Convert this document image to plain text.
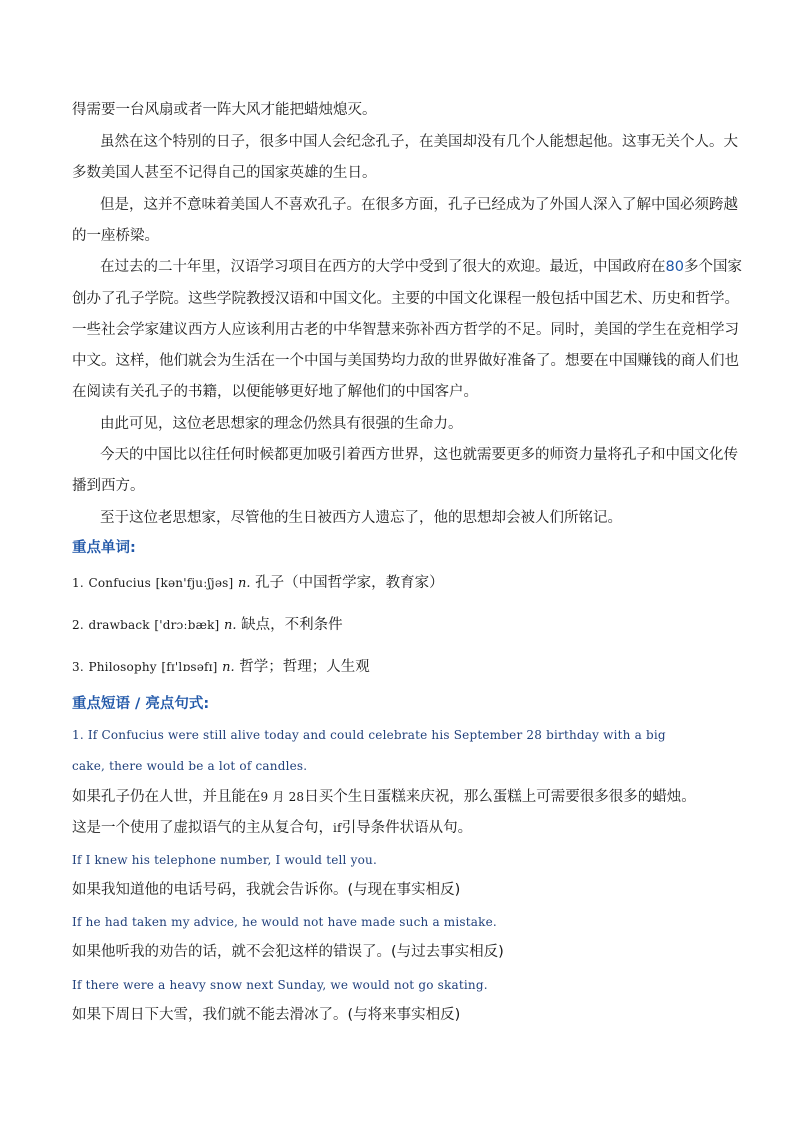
得需要一台风扇或者一阵大风才能把蜡烛熄灭。
虽然在这个特别的日子，很多中国人会纪念孔子，在美国却没有几个人能想起他。这事无关个人。大
多数美国人甚至不记得自己的国家英雄的生日。
但是，这并不意味着美国人不喜欢孔子。在很多方面，孔子已经成为了外国人深入了解中国必须跨越
的一座桥梁。
在过去的二十年里，汉语学习项目在西方的大学中受到了很大的欢迎。最近，中国政府在80多个国家
创办了孔子学院。这些学院教授汉语和中国文化。主要的中国文化课程一般包括中国艺术、历史和哲学。
一些社会学家建议西方人应该利用古老的中华智慧来弥补西方哲学的不足。同时，美国的学生在竞相学习
中文。这样，他们就会为生活在一个中国与美国势均力敌的世界做好准备了。想要在中国赚钱的商人们也
在阅读有关孔子的书籍，以便能够更好地了解他们的中国客户。
由此可见，这位老思想家的理念仍然具有很强的生命力。
今天的中国比以往任何时候都更加吸引着西方世界，这也就需要更多的师资力量将孔子和中国文化传
播到西方。
至于这位老思想家，尽管他的生日被西方人遗忘了，他的思想却会被人们所铭记。
重点单词:
1. Confucius [kən'fjuːʃjəs] n. 孔子（中国哲学家，教育家）
2. drawback ['drɔːbæk] n. 缺点，不利条件
3. Philosophy [fɪ'lɒsəfɪ] n. 哲学；哲理；人生观
重点短语 / 亮点句式:
1. If Confucius were still alive today and could celebrate his September 28 birthday with a big
cake, there would be a lot of candles.
如果孔子仍在人世，并且能在9 月 28日买个生日蛋糕来庆祝，那么蛋糕上可需要很多很多的蜡烛。
这是一个使用了虚拟语气的主从复合句，if引导条件状语从句。
If I knew his telephone number, I would tell you.
如果我知道他的电话号码，我就会告诉你。(与现在事实相反)
If he had taken my advice, he would not have made such a mistake.
如果他听我的劝告的话，就不会犯这样的错误了。(与过去事实相反)
If there were a heavy snow next Sunday, we would not go skating.
如果下周日下大雪，我们就不能去滑冰了。(与将来事实相反)
